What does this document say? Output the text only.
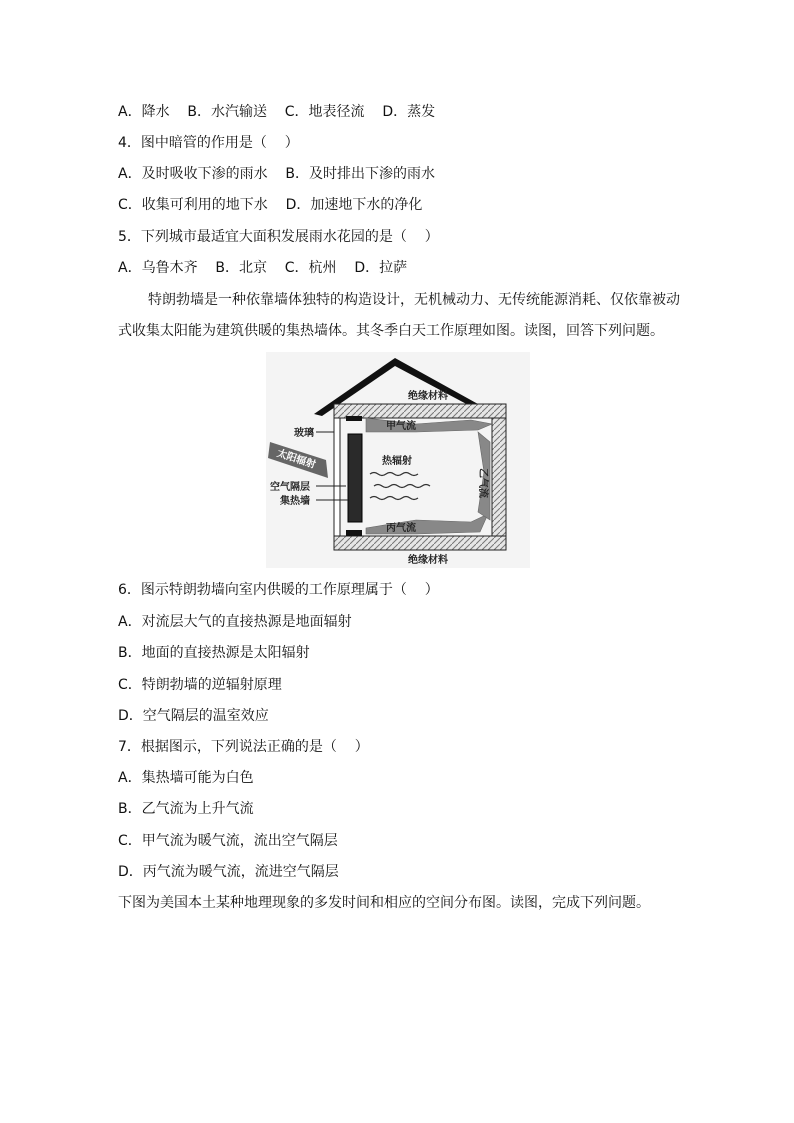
A．降水    B．水汽输送    C．地表径流    D．蒸发
4．图中暗管的作用是（    ）
A．及时吸收下渗的雨水    B．及时排出下渗的雨水
C．收集可利用的地下水    D．加速地下水的净化
5．下列城市最适宜大面积发展雨水花园的是（    ）
A．乌鲁木齐    B．北京    C．杭州    D．拉萨
特朗勃墙是一种依靠墙体独特的构造设计，无机械动力、无传统能源消耗、仅依靠被动
式收集太阳能为建筑供暖的集热墙体。其冬季白天工作原理如图。读图，回答下列问题。
太阳辐射
甲气流
丙气流
乙气流
热辐射
绝缘材料
绝缘材料
玻璃
空气隔层
集热墙
6．图示特朗勃墙向室内供暖的工作原理属于（    ）
A．对流层大气的直接热源是地面辐射
B．地面的直接热源是太阳辐射
C．特朗勃墙的逆辐射原理
D．空气隔层的温室效应
7．根据图示，下列说法正确的是（    ）
A．集热墙可能为白色
B．乙气流为上升气流
C．甲气流为暖气流，流出空气隔层
D．丙气流为暖气流，流进空气隔层
下图为美国本土某种地理现象的多发时间和相应的空间分布图。读图，完成下列问题。
